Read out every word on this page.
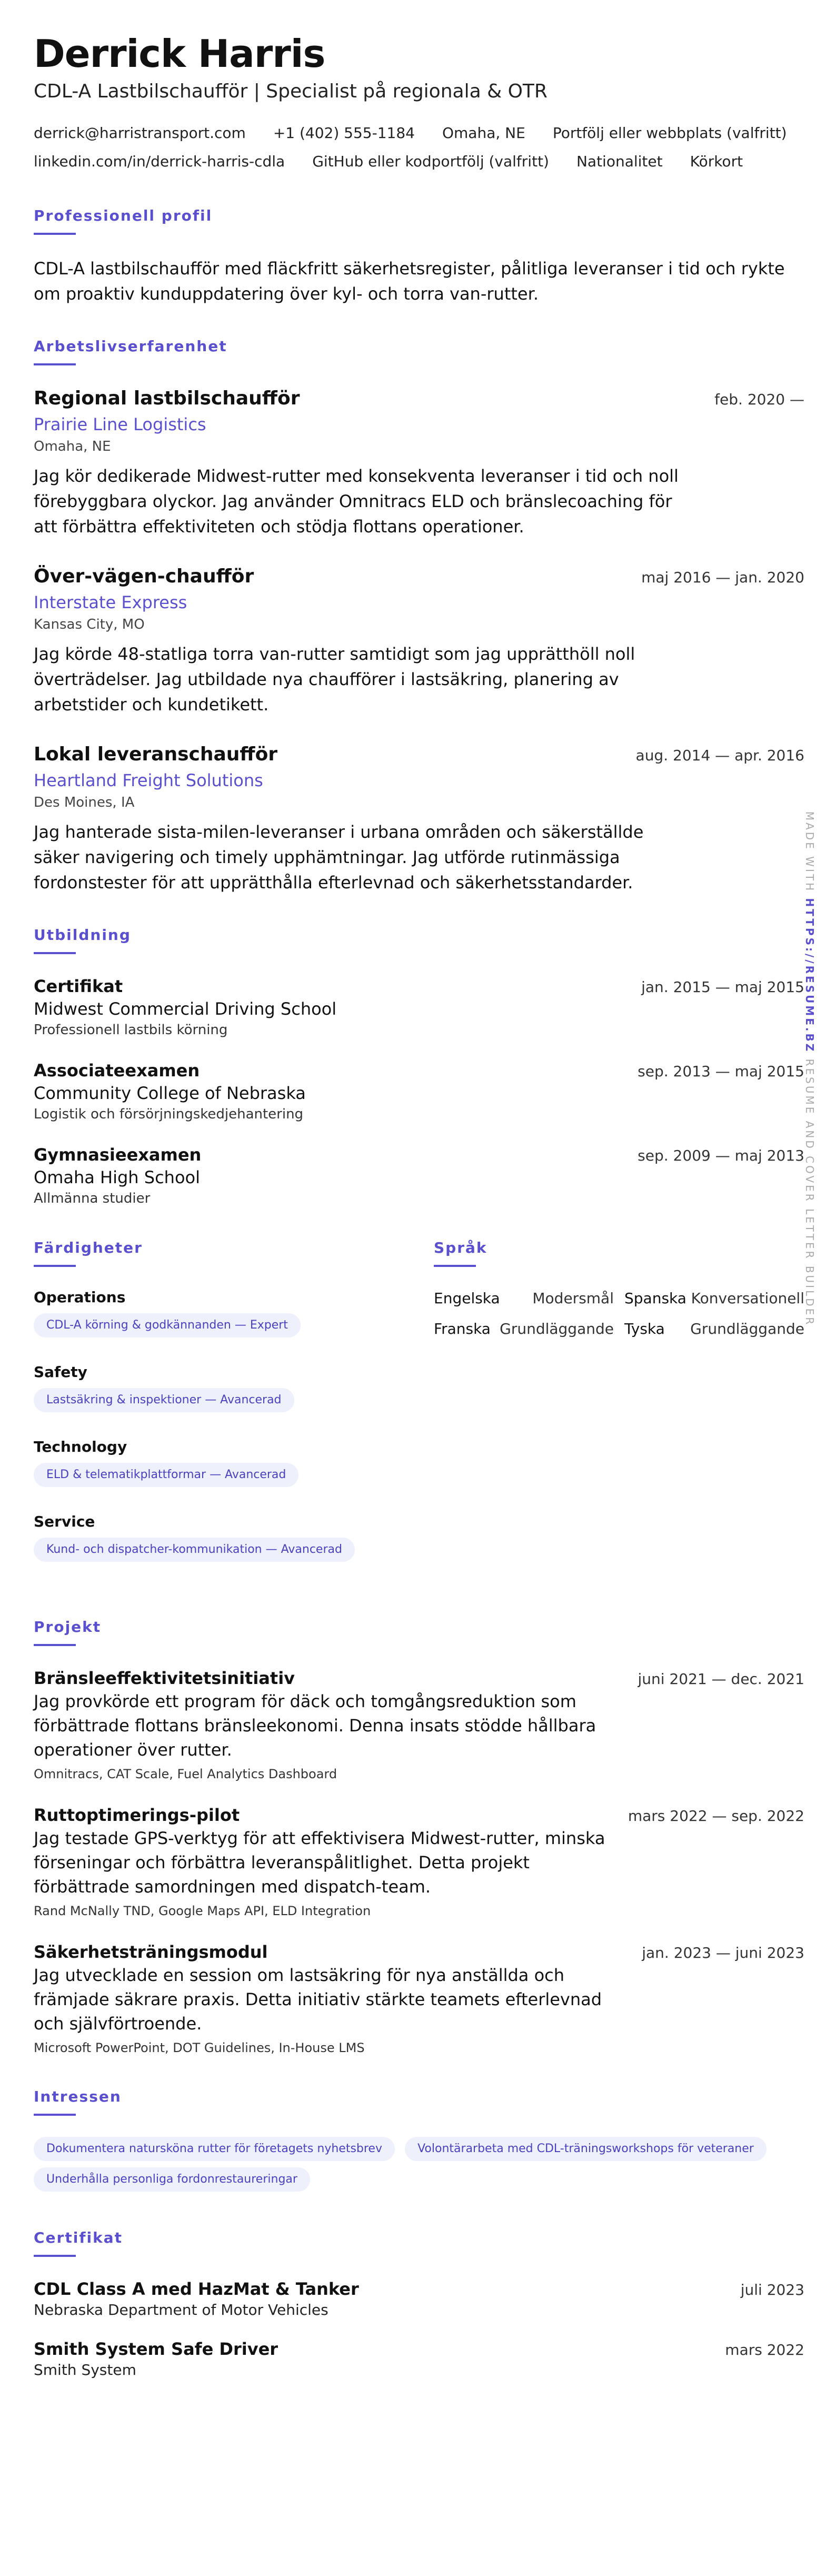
Derrick Harris
CDL-A Lastbilschaufför | Specialist på regionala & OTR
derrick@harristransport.com +1 (402) 555-1184 Omaha, NE Portfölj eller webbplats (valfritt)
linkedin.com/in/derrick-harris-cdla GitHub eller kodportfölj (valfritt) Nationalitet Körkort
Professionell profil
CDL-A lastbilschaufför med fläckfritt säkerhetsregister, pålitliga leveranser i tid och rykte om proaktiv kunduppdatering över kyl- och torra van-rutter.
Arbetslivserfarenhet
Regional lastbilschaufför	feb. 2020 —
Prairie Line Logistics
Omaha, NE
Jag kör dedikerade Midwest-rutter med konsekventa leveranser i tid och noll förebyggbara olyckor. Jag använder Omnitracs ELD och bränslecoaching för att förbättra effektiviteten och stödja flottans operationer.
Över-vägen-chaufför	maj 2016 — jan. 2020
Interstate Express
Kansas City, MO
Jag körde 48-statliga torra van-rutter samtidigt som jag upprätthöll noll överträdelser. Jag utbildade nya chaufförer i lastsäkring, planering av arbetstider och kundetikett.
Lokal leveranschaufför	aug. 2014 — apr. 2016
Heartland Freight Solutions
Des Moines, IA
Jag hanterade sista-milen-leveranser i urbana områden och säkerställde säker navigering och timely upphämtningar. Jag utförde rutinmässiga fordonstester för att upprätthålla efterlevnad och säkerhetsstandarder.
Utbildning
Certifikat	jan. 2015 — maj 2015
Midwest Commercial Driving School
Professionell lastbils körning
Associateexamen	sep. 2013 — maj 2015
Community College of Nebraska
Logistik och försörjningskedjehantering
Gymnasieexamen	sep. 2009 — maj 2013
Omaha High School
Allmänna studier
Färdigheter
Operations
CDL-A körning & godkännanden — Expert
Safety
Lastsäkring & inspektioner — Avancerad
Technology
ELD & telematikplattformar — Avancerad
Service
Kund- och dispatcher-kommunikation — Avancerad
Språk
Engelska Modersmål Spanska Konversationell
Franska Grundläggande Tyska Grundläggande
Projekt
Bränsleeffektivitetsinitiativ	juni 2021 — dec. 2021
Jag provkörde ett program för däck och tomgångsreduktion som förbättrade flottans bränsleekonomi. Denna insats stödde hållbara operationer över rutter.
Omnitracs, CAT Scale, Fuel Analytics Dashboard
Ruttoptimerings-pilot	mars 2022 — sep. 2022
Jag testade GPS-verktyg för att effektivisera Midwest-rutter, minska förseningar och förbättra leveranspålitlighet. Detta projekt förbättrade samordningen med dispatch-team.
Rand McNally TND, Google Maps API, ELD Integration
Säkerhetsträningsmodul	jan. 2023 — juni 2023
Jag utvecklade en session om lastsäkring för nya anställda och främjade säkrare praxis. Detta initiativ stärkte teamets efterlevnad och självförtroende.
Microsoft PowerPoint, DOT Guidelines, In-House LMS
Intressen
Dokumentera natursköna rutter för företagets nyhetsbrev	Volontärarbeta med CDL-träningsworkshops för veteraner Underhålla personliga fordonrestaureringar
Certifikat
CDL Class A med HazMat & Tanker	juli 2023
Nebraska Department of Motor Vehicles
Smith System Safe Driver	mars 2022
Smith System
MADE WITH HTTPS://RESUME.BZ RESUME AND COVER LETTER BUILDER
